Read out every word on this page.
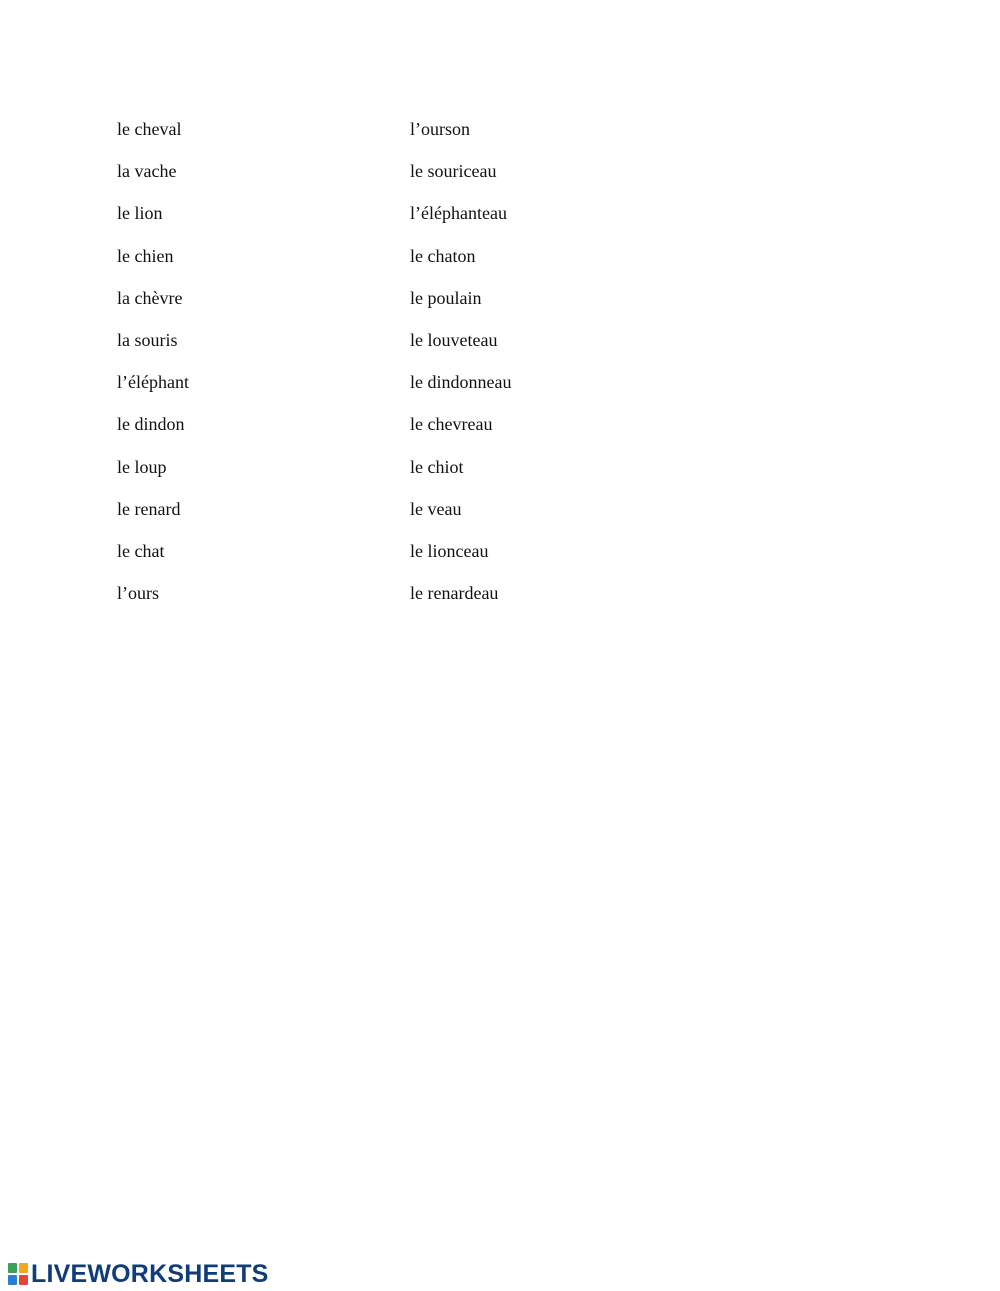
le cheval
la vache
le lion
le chien
la chèvre
la souris
l’éléphant
le dindon
le loup
le renard
le chat
l’ours
l’ourson
le souriceau
l’éléphanteau
le chaton
le poulain
le louveteau
le dindonneau
le chevreau
le chiot
le veau
le lionceau
le renardeau
LIVEWORKSHEETS
